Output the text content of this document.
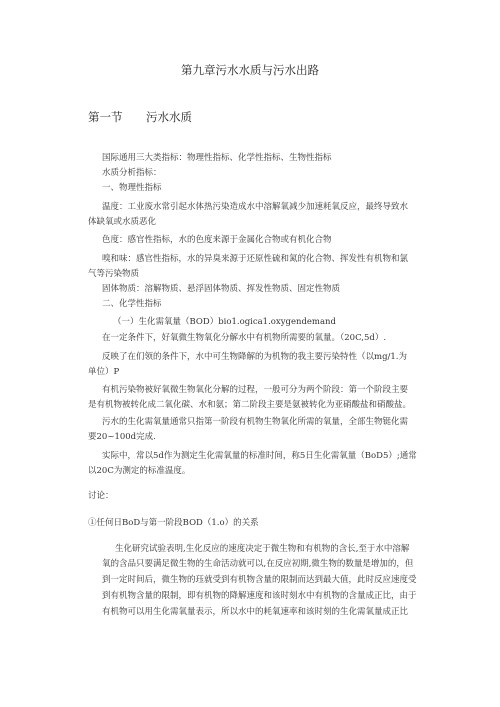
第九章污水水质与污水出路
第一节 污水水质
国际通用三大类指标：物理性指标、化学性指标、生物性指标
水质分析指标：
一、物理性指标
温度：工业废水常引起水体热污染造成水中溶解氧减少加速耗氧反应，最终导致水
体缺氧或水质恶化
色度：感官性指标，水的色度来源于金属化合物或有机化合物
嗅和味：感官性指标，水的异臭来源于还原性硫和氮的化合物、挥发性有机物和氯
气等污染物质
固体物质：溶解物质、悬浮固体物质、挥发性物质、固定性物质
二、化学性指标
（一）生化需氧量（BOD）bio1.ogica1.oxygendemand
在一定条件下，好氧微生物氧化分解水中有机物所需要的氧量。（20C,5d）.
反映了在们领的条件下，水中可生物降解的为机物的我主要污染特性（以mg/1.为
单位）P
有机污染物被好氧微生物氧化分解的过程，一般可分为两个阶段：第一个阶段主要
是有机物被转化成二氧化碳、水和氨；第二阶段主要是氨被转化为亚硝酸盐和硝酸盐。
污水的生化需氧量通常只指第一阶段有机物生物氧化所需的氧量，全部生物铤化需
要20~100d完成.
实际中，常以5d作为测定生化需氧量的标准时间，称5日生化需氧量（BoD5）;通常
以20C为测定的标准温度。
讨论：
①任何日BoD与第一阶段BOD（1.o）的关系
生化研究试验表明,生化反应的速度决定于微生物和有机物的含长,至于水中溶解
氧的含品只要满足微生物的生命活动就可以,在反应初期,微生物的数量是增加的，但
到一定时间后，微生物的珏就受到有机物含量的限制而达到最大值，此时反应速度受
到有机物含量的限制，即有机物的降解速度和该时刻水中有机物的含量成正比，由于
有机物可以用生化需氧量表示，所以水中的耗氧速率和该时刻的生化需氧量成正比
